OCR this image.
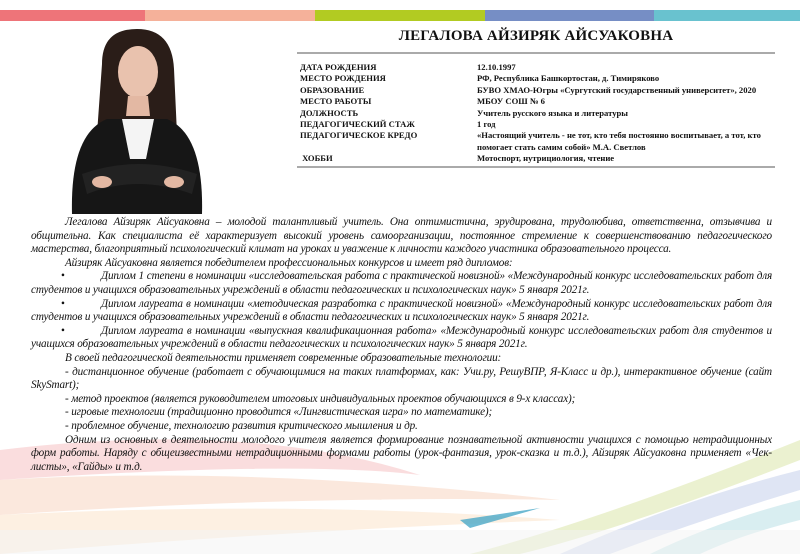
ЛЕГАЛОВА АЙЗИРЯК АЙСУАКОВНА
ДАТА РОЖДЕНИЯ	12.10.1997
МЕСТО РОЖДЕНИЯ	РФ, Республика Башкортостан, д. Тимиряково
ОБРАЗОВАНИЕ	БУВО ХМАО-Югры «Сургутский государственный университет», 2020
МЕСТО РАБОТЫ	МБОУ СОШ № 6
ДОЛЖНОСТЬ	Учитель русского языка и литературы
ПЕДАГОГИЧЕСКИЙ СТАЖ	1 год
ПЕДАГОГИЧЕСКОЕ КРЕДО	«Настоящий учитель - не тот, кто тебя постоянно воспитывает, а тот, кто помогает стать самим собой» М.А. Светлов
ХОББИ	Мотоспорт, нутрициология, чтение

Легалова Айзиряк Айсуаковна – молодой талантливый учитель. Она оптимистична, эрудирована, трудолюбива, ответственна, отзывчива и общительна. Как специалиста её характеризует высокий уровень самоорганизации, постоянное стремление к совершенствованию педагогического мастерства, благоприятный психологический климат на уроках и уважение к личности каждого участника образовательного процесса.

Айзиряк Айсуаковна является победителем профессиональных конкурсов и имеет ряд дипломов:

•	Диплом 1 степени в номинации «исследовательская работа с практической новизной» «Международный конкурс исследовательских работ для студентов и учащихся образовательных учреждений в области педагогических и психологических наук» 5 января 2021г.

•	Диплом лауреата в номинации «методическая разработка с практической новизной» «Международный конкурс исследовательских работ для студентов и учащихся образовательных учреждений в области педагогических и психологических наук» 5 января 2021г.

•	Диплом лауреата в номинации «выпускная квалификационная работа» «Международный конкурс исследовательских работ для студентов и учащихся образовательных учреждений в области педагогических и психологических наук» 5 января 2021г.

В своей педагогической деятельности применяет современные образовательные технологии:

- дистанционное обучение (работает с обучающимися на таких платформах, как: Учи.ру, РешуВПР, Я-Класс и др.), интерактивное обучение (сайт SkySmart);

- метод проектов (является руководителем итоговых индивидуальных проектов обучающихся в 9-х классах);

- игровые технологии (традиционно проводится «Лингвистическая игра» по математике);

- проблемное обучение, технологию развития критического мышления и др.

Одним из основных в деятельности молодого учителя является формирование познавательной активности учащихся с помощью нетрадиционных форм работы. Наряду с общеизвестными нетрадиционными формами работы (урок-фантазия, урок-сказка и т.д.), Айзиряк Айсуаковна применяет «Чек-листы», «Гайды» и т.д.
